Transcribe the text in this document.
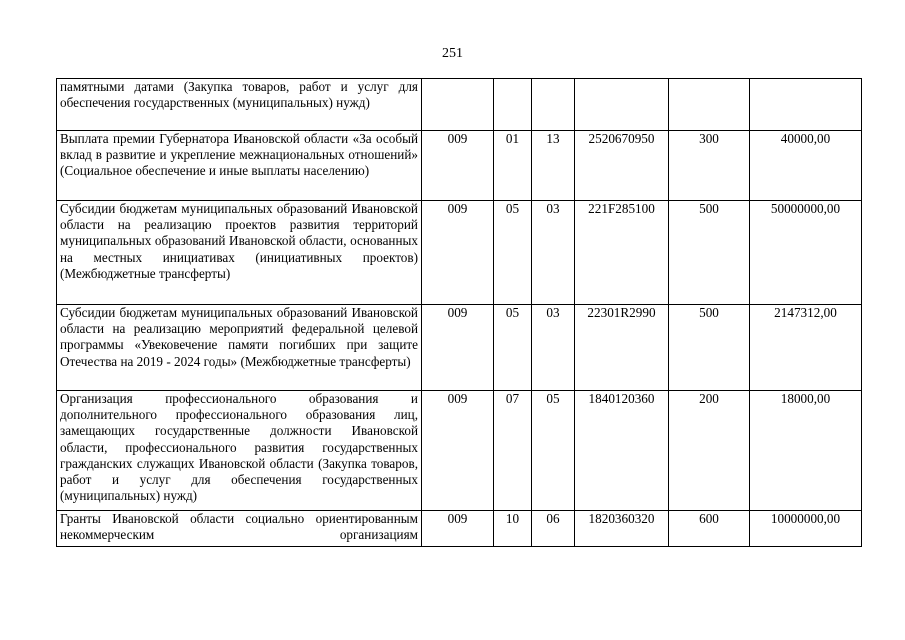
251
памятными датами (Закупка товаров, работ и услуг для обеспечения государственных (муниципальных) нужд)						
Выплата премии Губернатора Ивановской области «За особый вклад в развитие и укрепление межнациональных отношений» (Социальное обеспечение и иные выплаты населению)	009	01	13	2520670950	300	40000,00
Субсидии бюджетам муниципальных образований Ивановской области на реализацию проектов развития территорий муниципальных образований Ивановской области, основанных на местных инициативах (инициативных проектов) (Межбюджетные трансферты)	009	05	03	221F285100	500	50000000,00
Субсидии бюджетам муниципальных образований Ивановской области на реализацию мероприятий федеральной целевой программы «Увековечение памяти погибших при защите Отечества на 2019 - 2024 годы» (Межбюджетные трансферты)	009	05	03	22301R2990	500	2147312,00
Организация профессионального образования и дополнительного профессионального образования лиц, замещающих государственные должности Ивановской области, профессионального развития государственных гражданских служащих Ивановской области (Закупка товаров, работ и услуг для обеспечения государственных (муниципальных) нужд)	009	07	05	1840120360	200	18000,00
Гранты Ивановской области социально ориентированным некоммерческим организациям	009	10	06	1820360320	600	10000000,00
